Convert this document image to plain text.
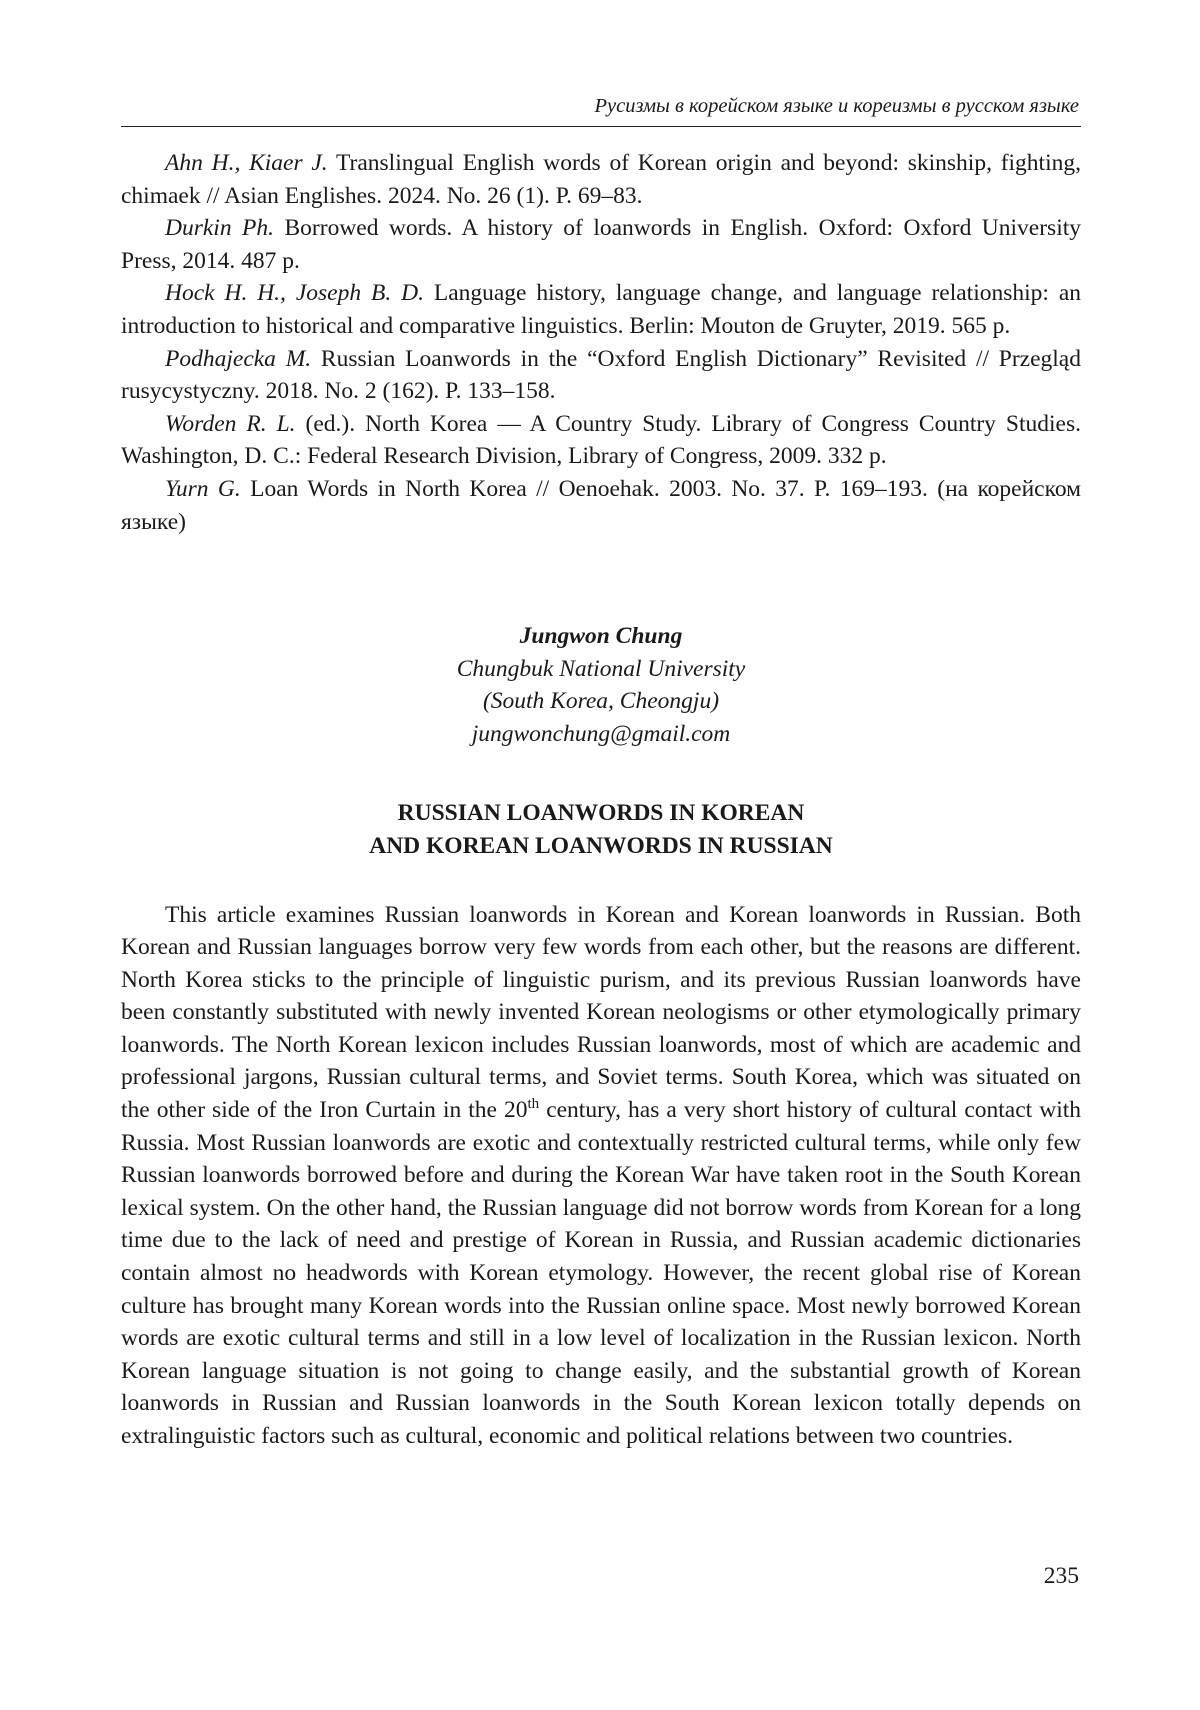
Русизмы в корейском языке и кореизмы в русском языке

Ahn H., Kiaer J. Translingual English words of Korean origin and beyond: skinship, fighting, chimaek // Asian Englishes. 2024. No. 26 (1). P. 69–83.

Durkin Ph. Borrowed words. A history of loanwords in English. Oxford: Oxford University Press, 2014. 487 p.

Hock H. H., Joseph B. D. Language history, language change, and language relationship: an introduction to historical and comparative linguistics. Berlin: Mouton de Gruyter, 2019. 565 p.

Podhajecka M. Russian Loanwords in the “Oxford English Dictionary” Revisited // Przegląd rusycystyczny. 2018. No. 2 (162). P. 133–158.

Worden R. L. (ed.). North Korea — A Country Study. Library of Congress Country Studies. Washington, D. C.: Federal Research Division, Library of Congress, 2009. 332 p.

Yurn G. Loan Words in North Korea // Oenoehak. 2003. No. 37. P. 169–193. (на корейском языке)

Jungwon Chung
Chungbuk National University
(South Korea, Cheongju)
jungwonchung@gmail.com
RUSSIAN LOANWORDS IN KOREAN
AND KOREAN LOANWORDS IN RUSSIAN

This article examines Russian loanwords in Korean and Korean loanwords in Russian. Both Korean and Russian languages borrow very few words from each other, but the reasons are different. North Korea sticks to the principle of linguistic purism, and its previous Russian loanwords have been constantly substituted with newly invented Korean neologisms or other etymologically primary loanwords. The North Korean lexicon includes Russian loanwords, most of which are academic and professional jargons, Russian cultural terms, and Soviet terms. South Korea, which was situated on the other side of the Iron Curtain in the 20th century, has a very short history of cultural contact with Russia. Most Russian loanwords are exotic and contextually restricted cultural terms, while only few Russian loanwords borrowed before and during the Korean War have taken root in the South Korean lexical system. On the other hand, the Russian language did not borrow words from Korean for a long time due to the lack of need and prestige of Korean in Russia, and Russian academic dictionaries contain almost no headwords with Korean etymology. However, the recent global rise of Korean culture has brought many Korean words into the Russian online space. Most newly borrowed Korean words are exotic cultural terms and still in a low level of localization in the Russian lexicon. North Korean language situation is not going to change easily, and the substantial growth of Korean loanwords in Russian and Russian loanwords in the South Korean lexicon totally depends on extralinguistic factors such as cultural, economic and political relations between two countries.

235
